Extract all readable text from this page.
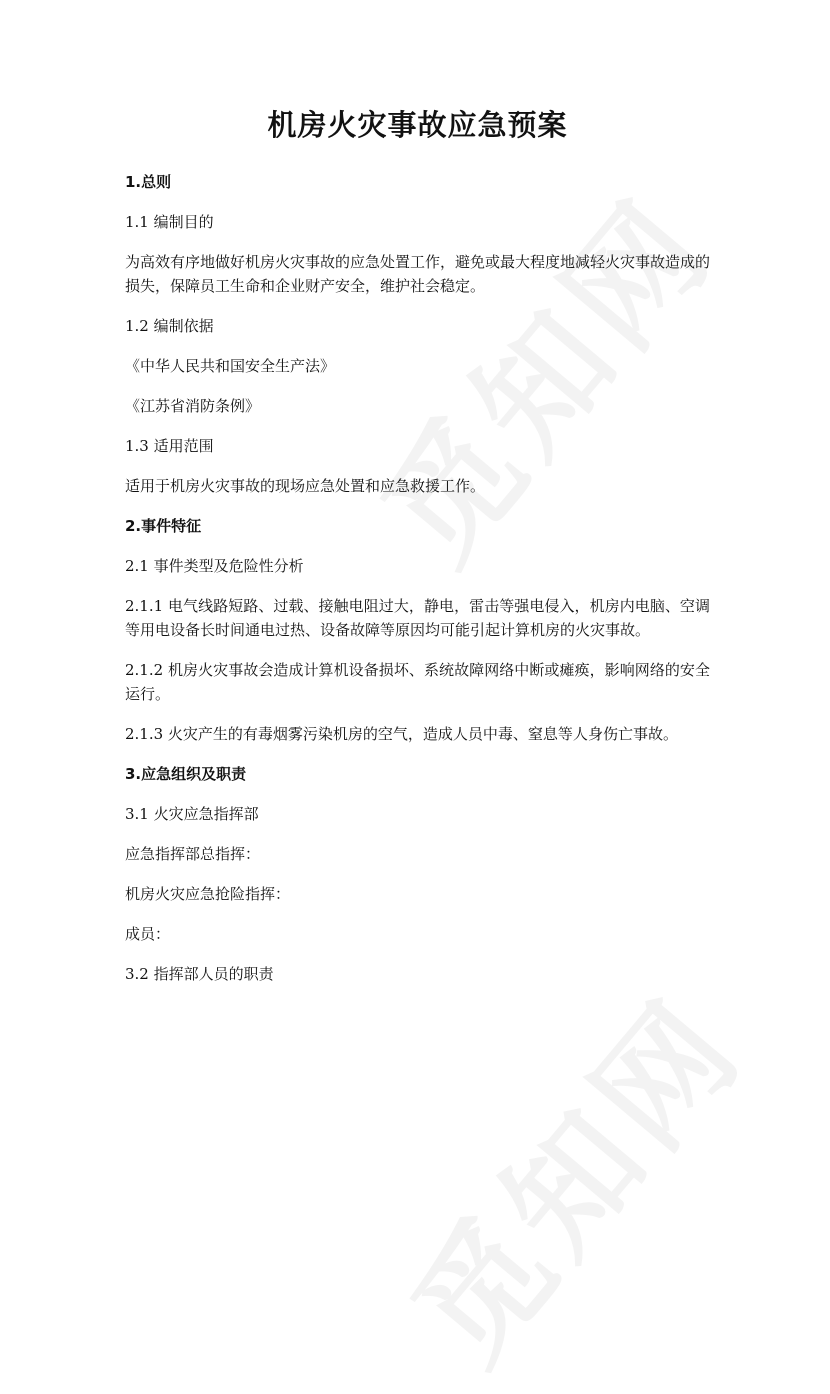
机房火灾事故应急预案
1.总则
1.1 编制目的
为高效有序地做好机房火灾事故的应急处置工作，避免或最大程度地减轻火灾事故造成的损失，保障员工生命和企业财产安全，维护社会稳定。
1.2 编制依据
《中华人民共和国安全生产法》
《江苏省消防条例》
1.3 适用范围
适用于机房火灾事故的现场应急处置和应急救援工作。
2.事件特征
2.1 事件类型及危险性分析
2.1.1 电气线路短路、过载、接触电阻过大，静电，雷击等强电侵入，机房内电脑、空调等用电设备长时间通电过热、设备故障等原因均可能引起计算机房的火灾事故。
2.1.2 机房火灾事故会造成计算机设备损坏、系统故障网络中断或瘫痪，影响网络的安全运行。
2.1.3 火灾产生的有毒烟雾污染机房的空气，造成人员中毒、窒息等人身伤亡事故。
3.应急组织及职责
3.1 火灾应急指挥部
应急指挥部总指挥：
机房火灾应急抢险指挥：
成员：
3.2 指挥部人员的职责
